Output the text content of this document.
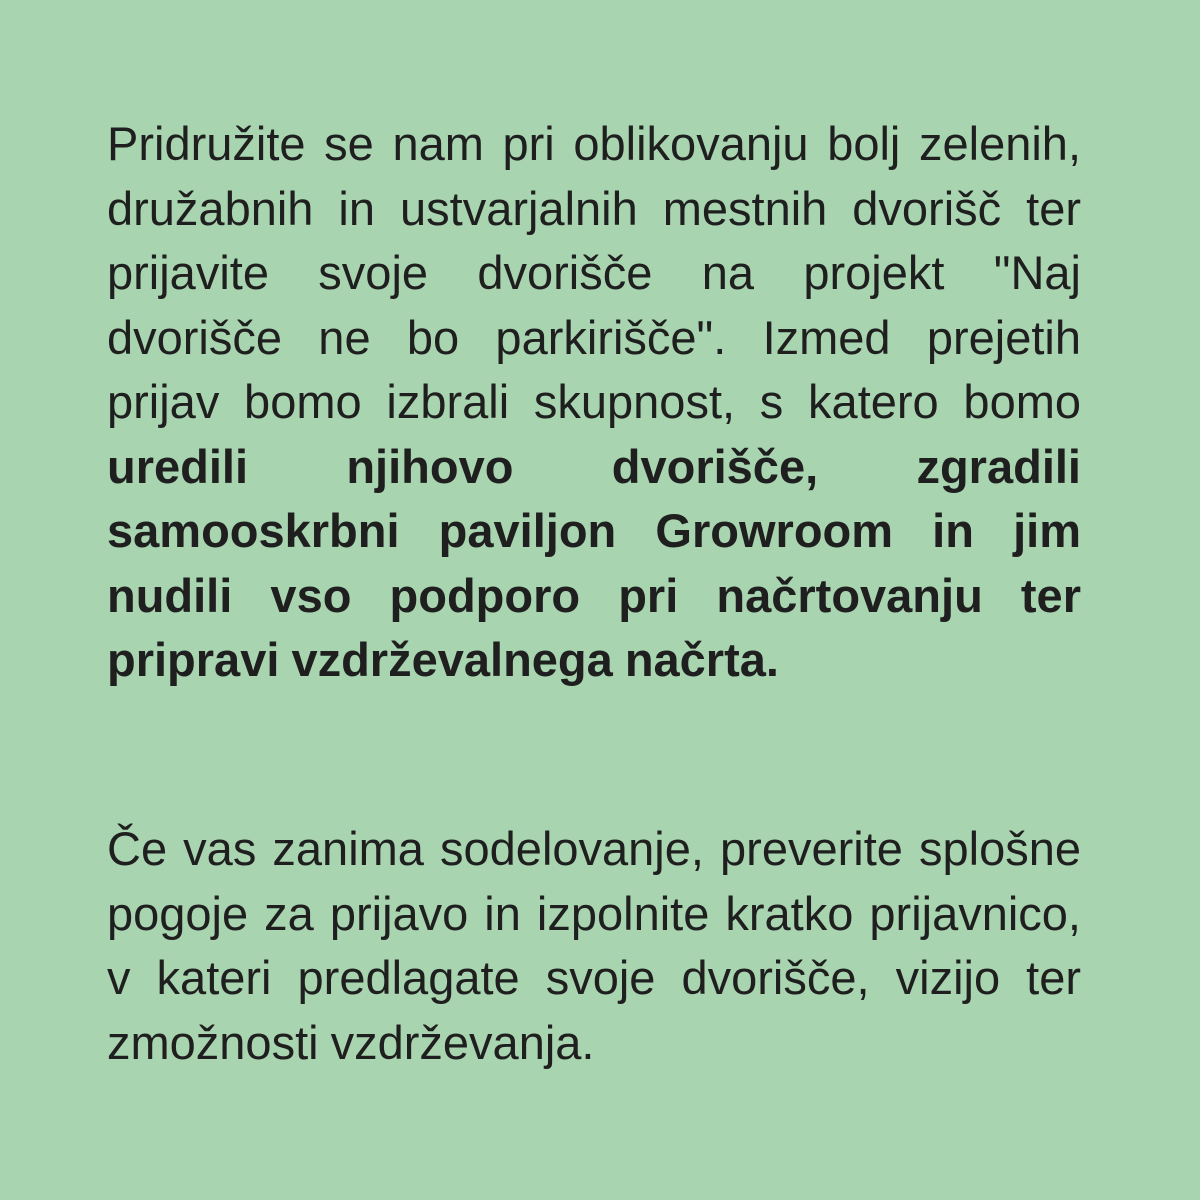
Pridružite se nam pri oblikovanju bolj zelenih, družabnih in ustvarjalnih mestnih dvorišč ter prijavite svoje dvorišče na projekt "Naj dvorišče ne bo parkirišče". Izmed prejetih prijav bomo izbrali skupnost, s katero bomo uredili njihovo dvorišče, zgradili samooskrbni paviljon Growroom in jim nudili vso podporo pri načrtovanju ter pripravi vzdrževalnega načrta.

Če vas zanima sodelovanje, preverite splošne pogoje za prijavo in izpolnite kratko prijavnico, v kateri predlagate svoje dvorišče, vizijo ter zmožnosti vzdrževanja.
